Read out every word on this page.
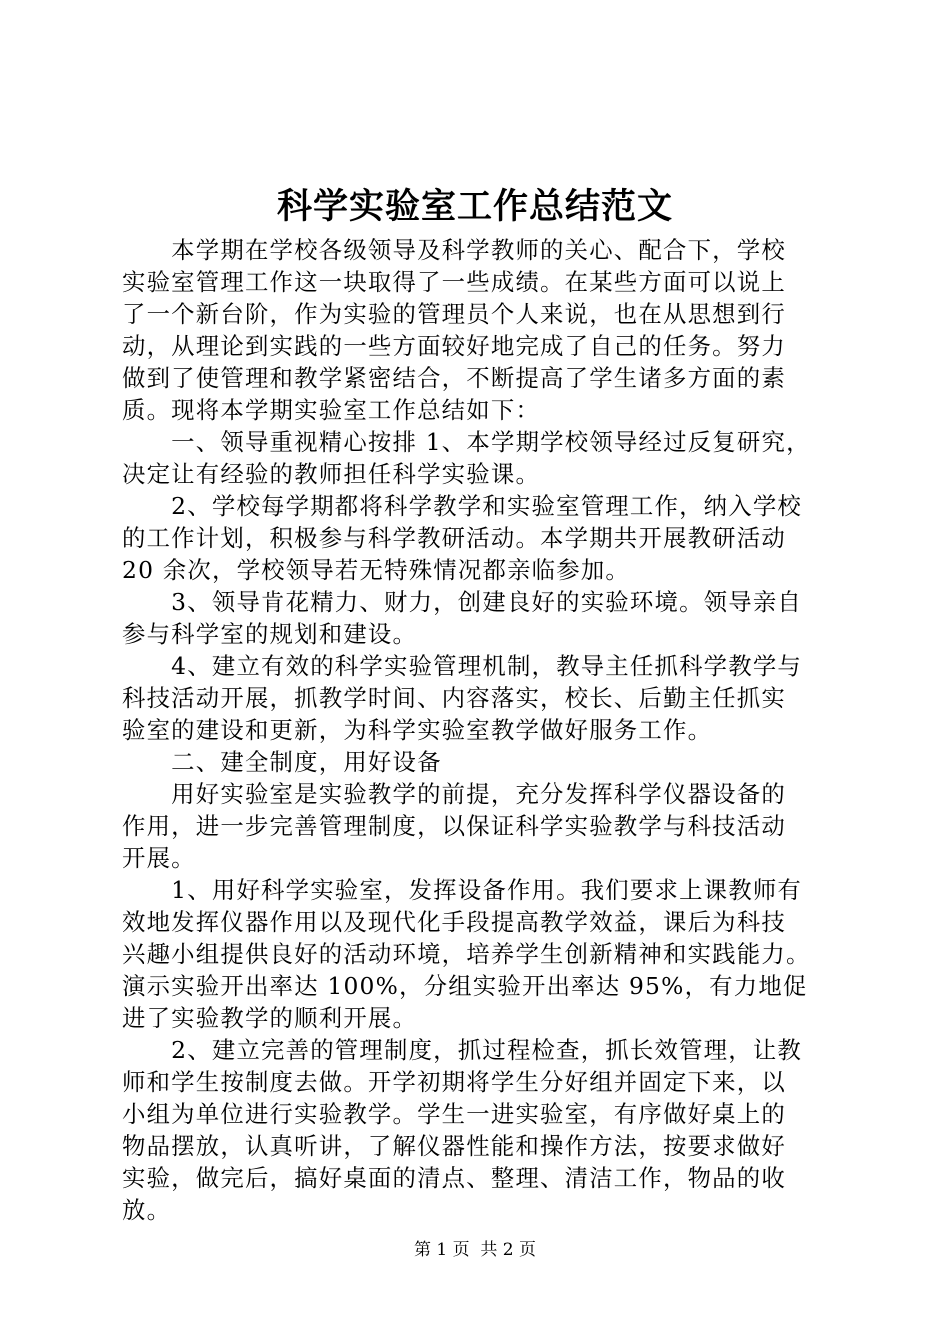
科学实验室工作总结范文
　　本学期在学校各级领导及科学教师的关心、配合下，学校
实验室管理工作这一块取得了一些成绩。在某些方面可以说上
了一个新台阶，作为实验的管理员个人来说，也在从思想到行
动，从理论到实践的一些方面较好地完成了自己的任务。努力
做到了使管理和教学紧密结合，不断提高了学生诸多方面的素
质。现将本学期实验室工作总结如下：
　　一、领导重视精心按排 1、本学期学校领导经过反复研究，
决定让有经验的教师担任科学实验课。
　　2、学校每学期都将科学教学和实验室管理工作，纳入学校
的工作计划，积极参与科学教研活动。本学期共开展教研活动
20 余次，学校领导若无特殊情况都亲临参加。
　　3、领导肯花精力、财力，创建良好的实验环境。领导亲自
参与科学室的规划和建设。
　　4、建立有效的科学实验管理机制，教导主任抓科学教学与
科技活动开展，抓教学时间、内容落实，校长、后勤主任抓实
验室的建设和更新，为科学实验室教学做好服务工作。
　　二、建全制度，用好设备
　　用好实验室是实验教学的前提，充分发挥科学仪器设备的
作用，进一步完善管理制度，以保证科学实验教学与科技活动
开展。
　　1、用好科学实验室，发挥设备作用。我们要求上课教师有
效地发挥仪器作用以及现代化手段提高教学效益，课后为科技
兴趣小组提供良好的活动环境，培养学生创新精神和实践能力。
演示实验开出率达 100%，分组实验开出率达 95%，有力地促
进了实验教学的顺利开展。
　　2、建立完善的管理制度，抓过程检查，抓长效管理，让教
师和学生按制度去做。开学初期将学生分好组并固定下来，以
小组为单位进行实验教学。学生一进实验室，有序做好桌上的
物品摆放，认真听讲，了解仪器性能和操作方法，按要求做好
实验，做完后，搞好桌面的清点、整理、清洁工作，物品的收
放。
第 1 页  共 2 页
